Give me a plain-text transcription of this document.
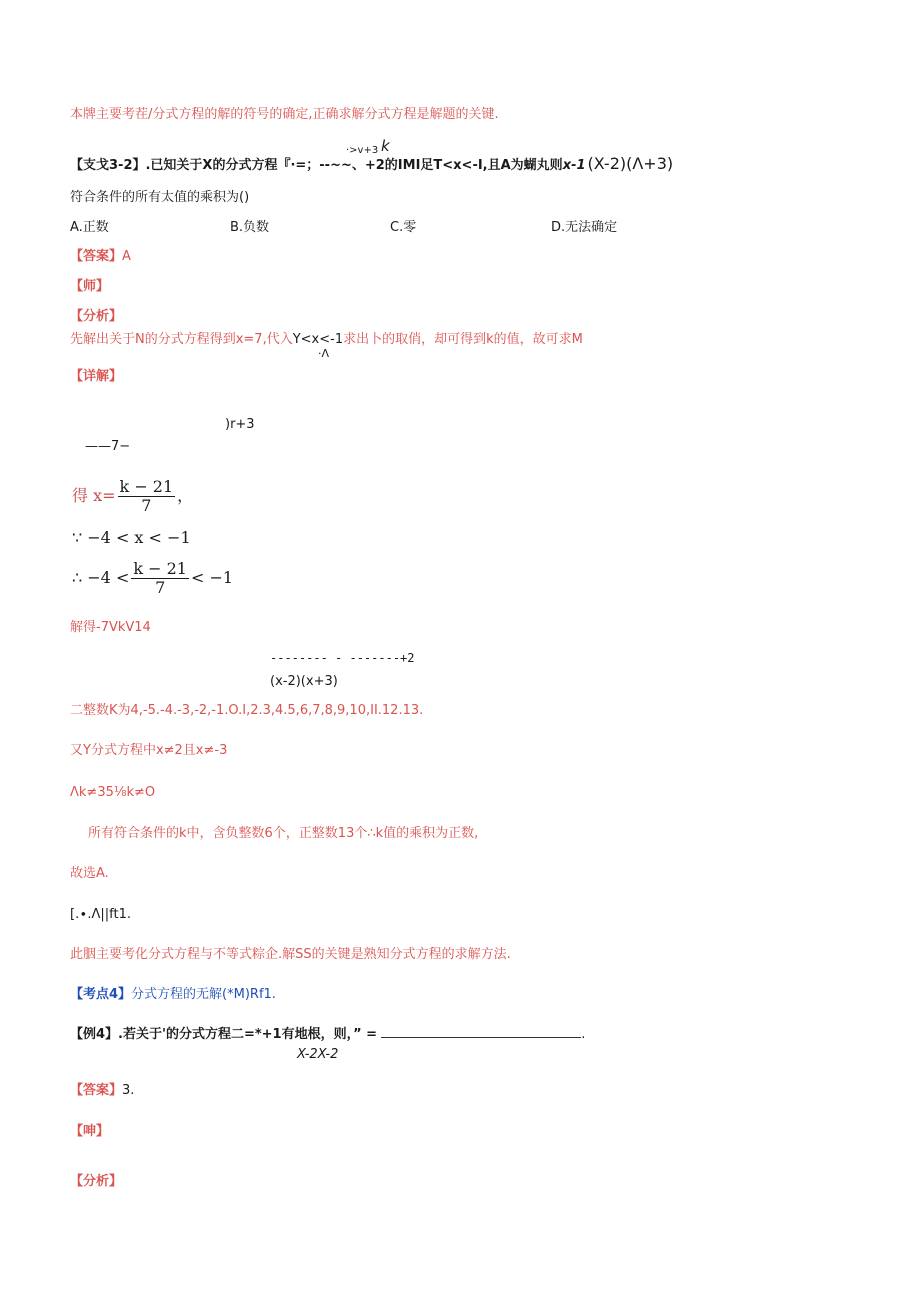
本牌主要考茬/分式方程的解的符号的确定,正确求解分式方程是解题的关键.
·>v+3 k
【支戈3-2】.已知关于X的分式方程『·=；--~~、+2的IMI足T<x<-I,且A为蝴丸则x-1 (X-2)(Λ+3)
符合条件的所有太值的乘积为()
A.正数	B.负数	C.零	D.无法确定
【答案】A
【师】
【分析】
先解出关于N的分式方程得到x=7,代入Y<x<-1求出卜的取俏，却可得到k的值，故可求M
·Λ
【详解】
)r+3
——7−
得 $x= \frac{k - 21}{7}$ ，
∵ −4 < x < −1
∴ $-4 < \frac{k - 21}{7} < -1$
解得-7VkV14
-------- - -------+2
(x-2)(x+3)
二整数K为4,-5.-4.-3,-2,-1.O.I,2.3,4.5,6,7,8,9,10,II.12.13.
又Y分式方程中x≠2且x≠-3
Λk≠35⅛k≠O
所有符合条件的k中，含负整数6个，正整数13个∴k值的乘积为正数,
故选A.
[.∙.Λ||ft1.
此胭主要考化分式方程与不等式粽企.解SS的关键是熟知分式方程的求解方法.
【考点4】分式方程的无解(*M)Rf1.
【例4】.若关于'的分式方程二=*+1有地根，则，” =	.
X-2X-2
【答案】3.
【呻】
【分析】
